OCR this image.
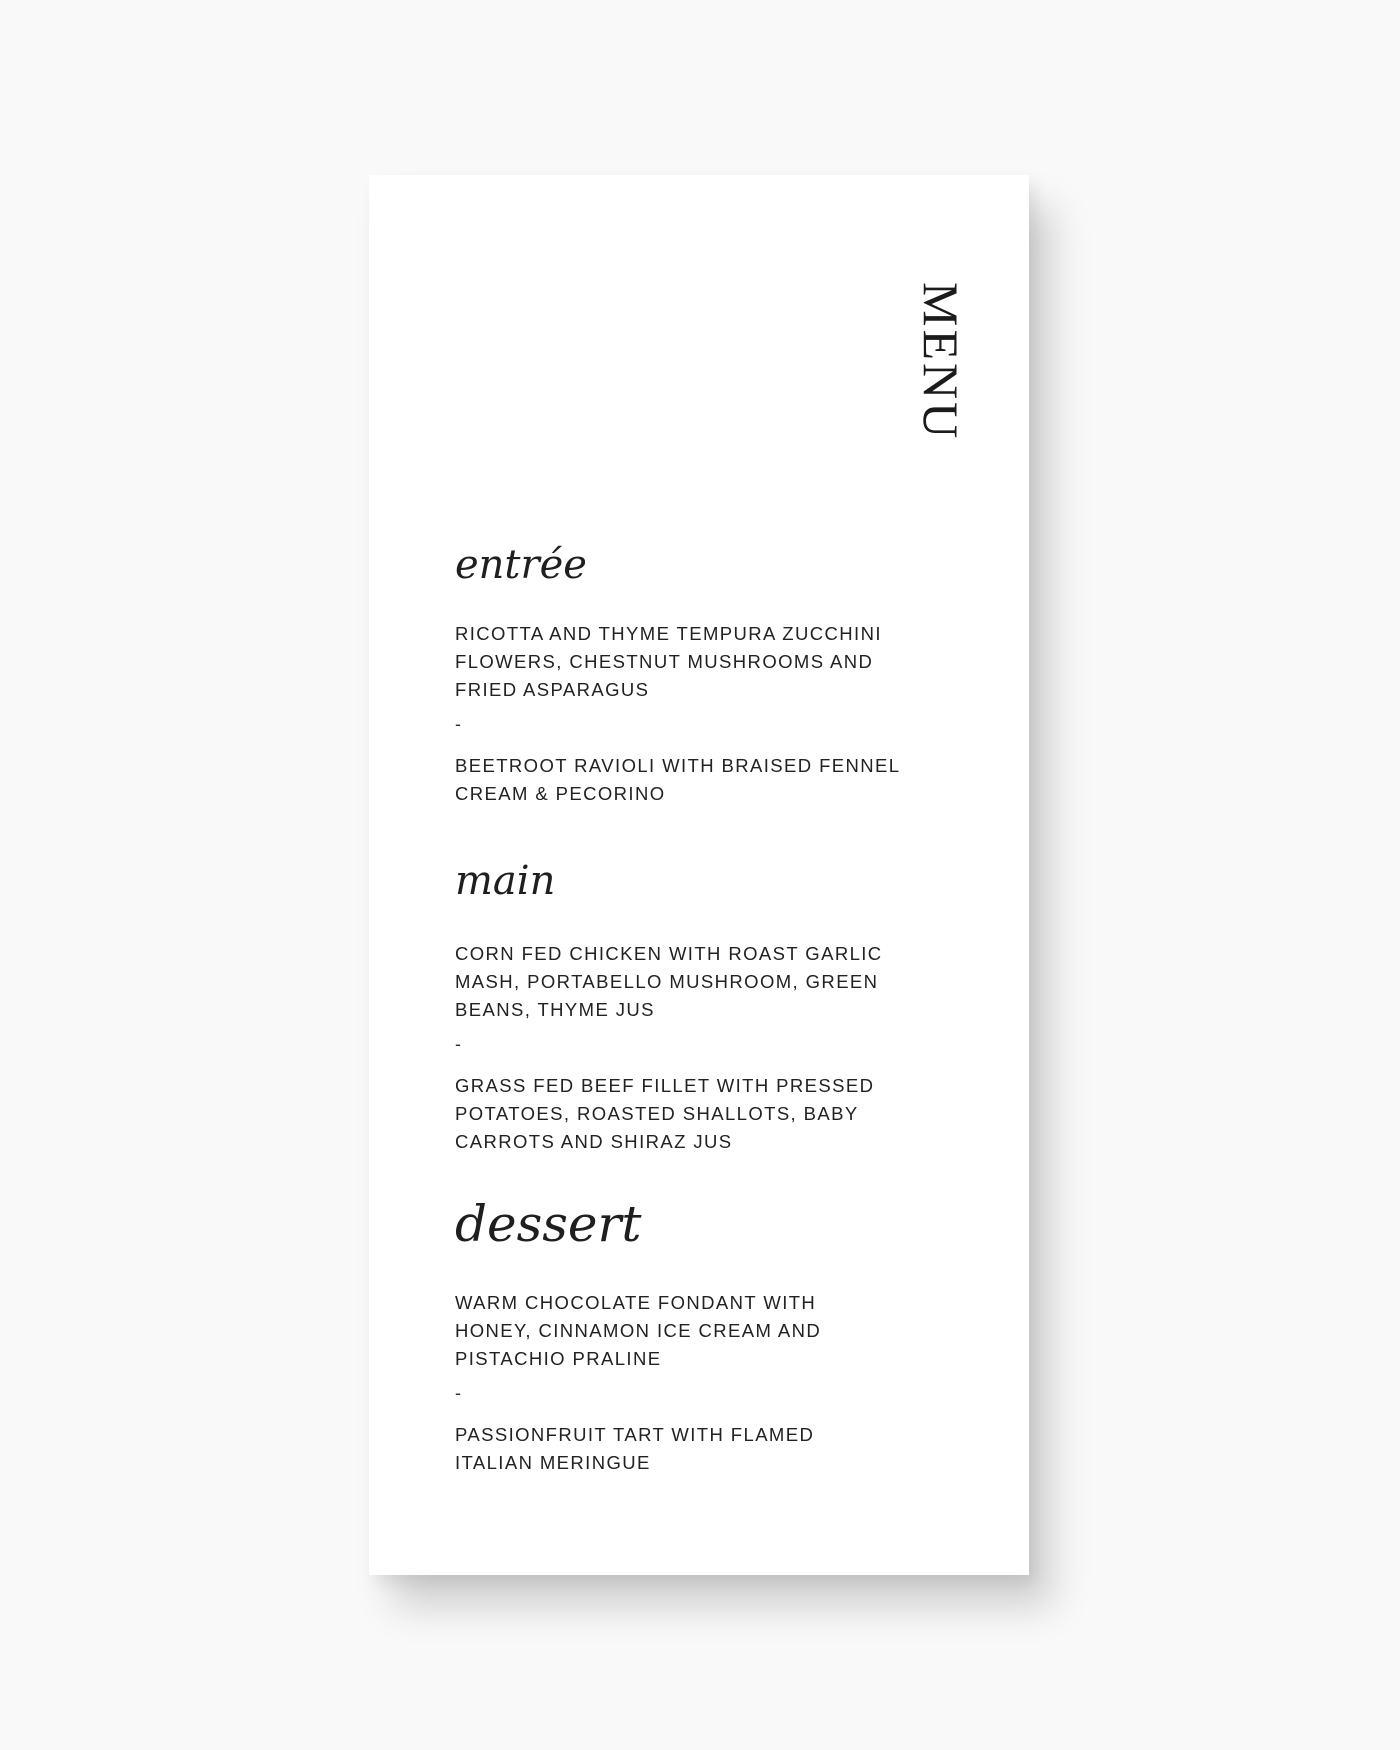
MENU
entrée

RICOTTA AND THYME TEMPURA ZUCCHINI FLOWERS, CHESTNUT MUSHROOMS AND FRIED ASPARAGUS

-

BEETROOT RAVIOLI WITH BRAISED FENNEL CREAM & PECORINO

main

CORN FED CHICKEN WITH ROAST GARLIC MASH, PORTABELLO MUSHROOM, GREEN BEANS, THYME JUS

-

GRASS FED BEEF FILLET WITH PRESSED POTATOES, ROASTED SHALLOTS, BABY CARROTS AND SHIRAZ JUS

dessert

WARM CHOCOLATE FONDANT WITH HONEY, CINNAMON ICE CREAM AND PISTACHIO PRALINE

-

PASSIONFRUIT TART WITH FLAMED ITALIAN MERINGUE
